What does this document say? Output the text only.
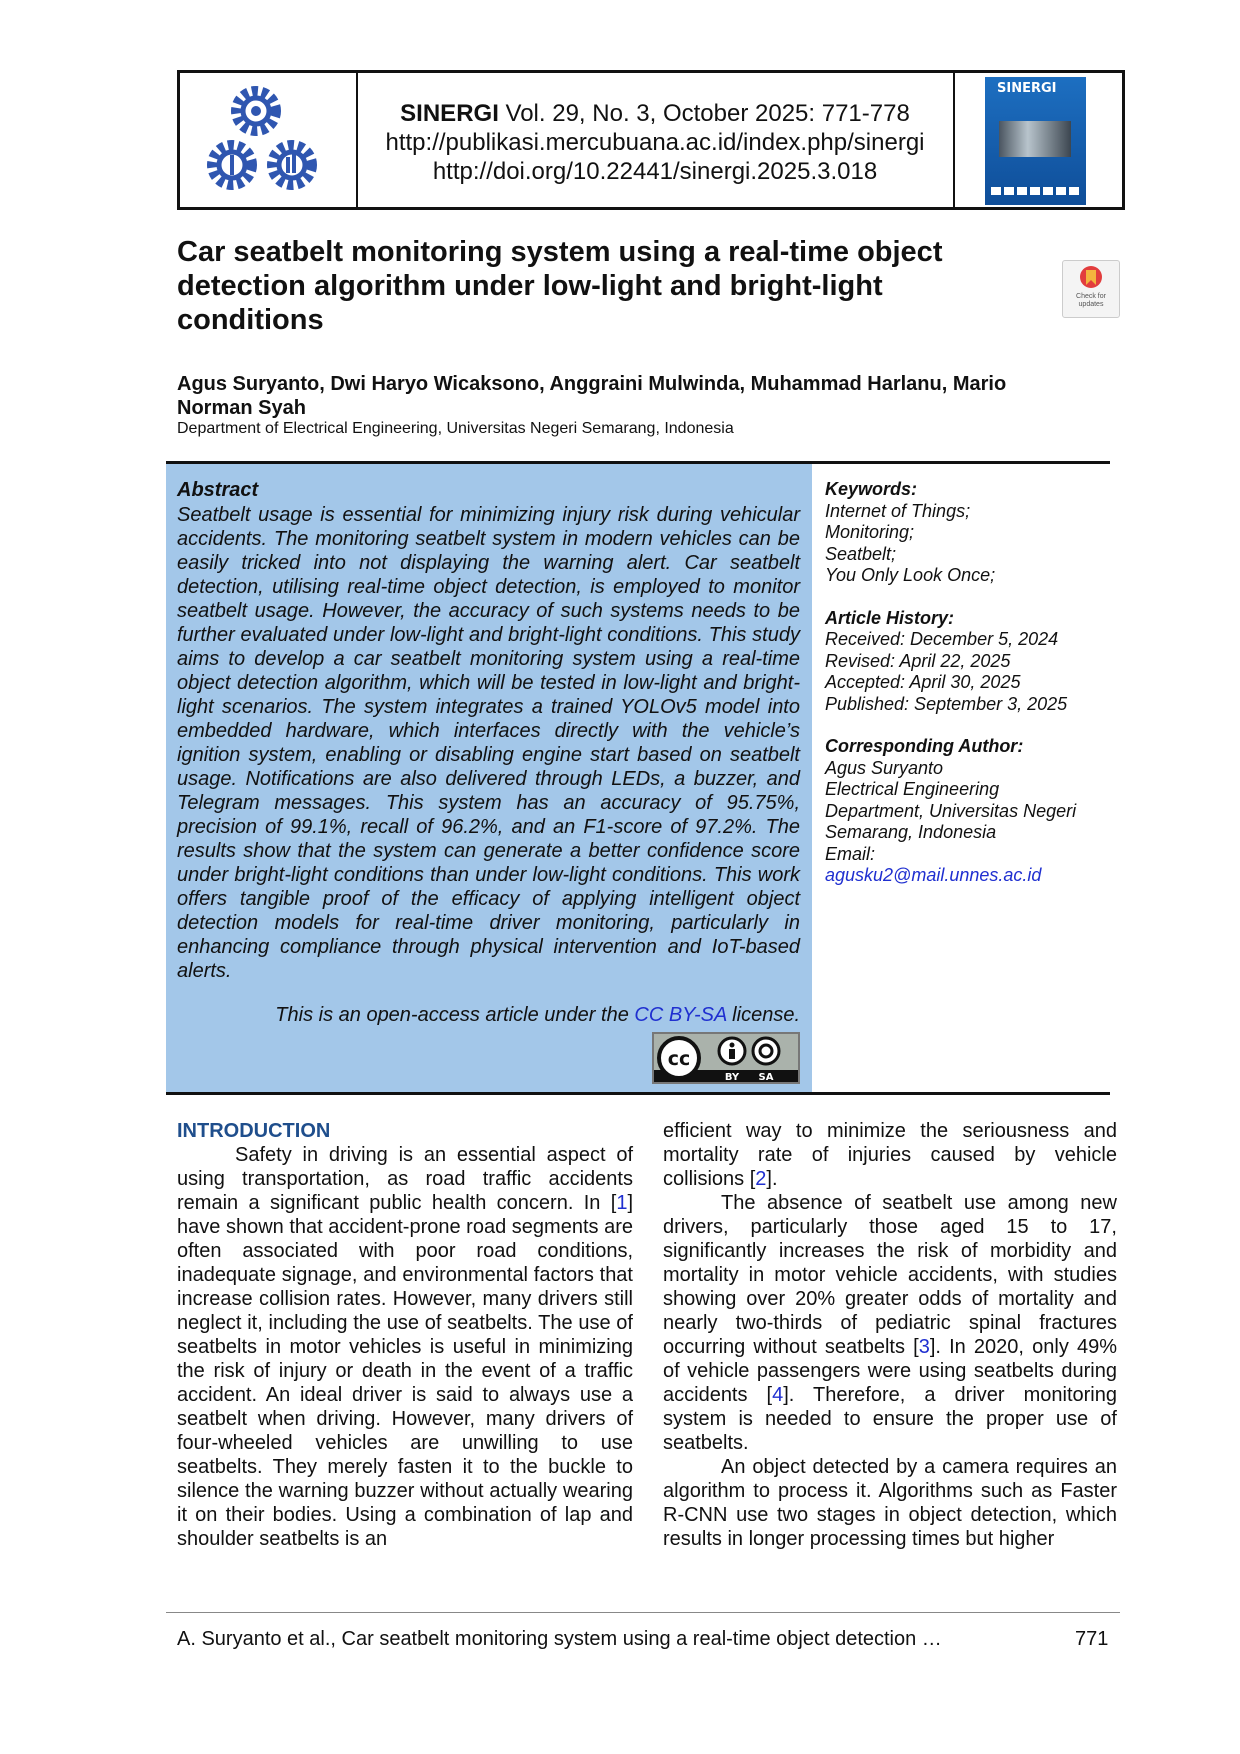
SINERGI Vol. 29, No. 3, October 2025: 771-778
http://publikasi.mercubuana.ac.id/index.php/sinergi
http://doi.org/10.22441/sinergi.2025.3.018
SINERGI
Car seatbelt monitoring system using a real-time object detection algorithm under low-light and bright-light conditions
Check for updates
Agus Suryanto, Dwi Haryo Wicaksono, Anggraini Mulwinda, Muhammad Harlanu, Mario Norman Syah
Department of Electrical Engineering, Universitas Negeri Semarang, Indonesia
Abstract
Seatbelt usage is essential for minimizing injury risk during vehicular accidents. The monitoring seatbelt system in modern vehicles can be easily tricked into not displaying the warning alert. Car seatbelt detection, utilising real-time object detection, is employed to monitor seatbelt usage. However, the accuracy of such systems needs to be further evaluated under low-light and bright-light conditions. This study aims to develop a car seatbelt monitoring system using a real-time object detection algorithm, which will be tested in low-light and bright-light scenarios. The system integrates a trained YOLOv5 model into embedded hardware, which interfaces directly with the vehicle’s ignition system, enabling or disabling engine start based on seatbelt usage. Notifications are also delivered through LEDs, a buzzer, and Telegram messages. This system has an accuracy of 95.75%, precision of 99.1%, recall of 96.2%, and an F1-score of 97.2%. The results show that the system can generate a better confidence score under bright-light conditions than under low-light conditions. This work offers tangible proof of the efficacy of applying intelligent object detection models for real-time driver monitoring, particularly in enhancing compliance through physical intervention and IoT-based alerts.
This is an open-access article under the CC BY-SA license.
cc
BY SA
Keywords:
Internet of Things;
Monitoring;
Seatbelt;
You Only Look Once;
Article History:
Received: December 5, 2024
Revised: April 22, 2025
Accepted: April 30, 2025
Published: September 3, 2025
Corresponding Author:
Agus Suryanto
Electrical Engineering
Department, Universitas Negeri
Semarang, Indonesia
Email:
agusku2@mail.unnes.ac.id
INTRODUCTION
Safety in driving is an essential aspect of using transportation, as road traffic accidents remain a significant public health concern. In [1] have shown that accident-prone road segments are often associated with poor road conditions, inadequate signage, and environmental factors that increase collision rates. However, many drivers still neglect it, including the use of seatbelts. The use of seatbelts in motor vehicles is useful in minimizing the risk of injury or death in the event of a traffic accident. An ideal driver is said to always use a seatbelt when driving. However, many drivers of four-wheeled vehicles are unwilling to use seatbelts. They merely fasten it to the buckle to silence the warning buzzer without actually wearing it on their bodies. Using a combination of lap and shoulder seatbelts is an
efficient way to minimize the seriousness and mortality rate of injuries caused by vehicle collisions [2].
The absence of seatbelt use among new drivers, particularly those aged 15 to 17, significantly increases the risk of morbidity and mortality in motor vehicle accidents, with studies showing over 20% greater odds of mortality and nearly two-thirds of pediatric spinal fractures occurring without seatbelts [3]. In 2020, only 49% of vehicle passengers were using seatbelts during accidents [4]. Therefore, a driver monitoring system is needed to ensure the proper use of seatbelts.
An object detected by a camera requires an algorithm to process it. Algorithms such as Faster R-CNN use two stages in object detection, which results in longer processing times but higher
A. Suryanto et al., Car seatbelt monitoring system using a real-time object detection …	771
